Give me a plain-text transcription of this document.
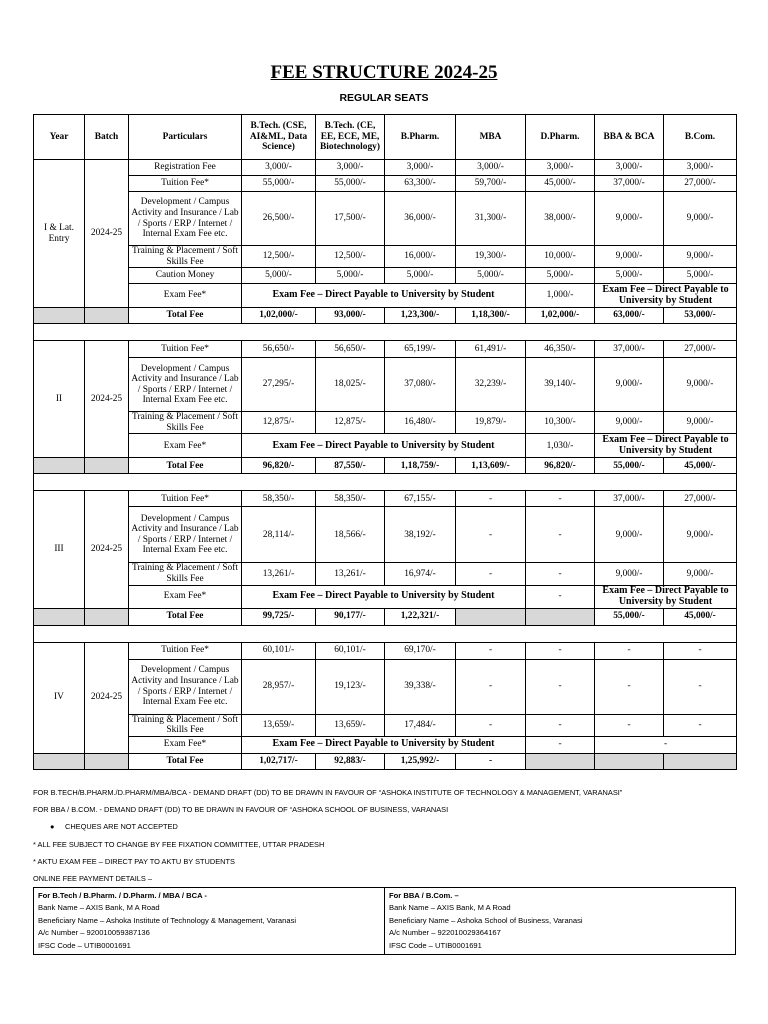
FEE STRUCTURE 2024-25
REGULAR SEATS
Year	Batch	Particulars	B.Tech. (CSE, AI&ML, Data Science)	B.Tech. (CE, EE, ECE, ME, Biotechnology)	B.Pharm.	MBA	D.Pharm.	BBA & BCA	B.Com.
I & Lat. Entry	2024-25	Registration Fee	3,000/-	3,000/-	3,000/-	3,000/-	3,000/-	3,000/-	3,000/-
		Tuition Fee*	55,000/-	55,000/-	63,300/-	59,700/-	45,000/-	37,000/-	27,000/-
		Development / Campus Activity and Insurance / Lab / Sports / ERP / Internet / Internal Exam Fee etc.	26,500/-	17,500/-	36,000/-	31,300/-	38,000/-	9,000/-	9,000/-
		Training & Placement / Soft Skills Fee	12,500/-	12,500/-	16,000/-	19,300/-	10,000/-	9,000/-	9,000/-
		Caution Money	5,000/-	5,000/-	5,000/-	5,000/-	5,000/-	5,000/-	5,000/-
		Exam Fee*	Exam Fee – Direct Payable to University by Student				1,000/-	Exam Fee – Direct Payable to University by Student	
		Total Fee	1,02,000/-	93,000/-	1,23,300/-	1,18,300/-	1,02,000/-	63,000/-	53,000/-

II	2024-25	Tuition Fee*	56,650/-	56,650/-	65,199/-	61,491/-	46,350/-	37,000/-	27,000/-
		Development / Campus Activity and Insurance / Lab / Sports / ERP / Internet / Internal Exam Fee etc.	27,295/-	18,025/-	37,080/-	32,239/-	39,140/-	9,000/-	9,000/-
		Training & Placement / Soft Skills Fee	12,875/-	12,875/-	16,480/-	19,879/-	10,300/-	9,000/-	9,000/-
		Exam Fee*	Exam Fee – Direct Payable to University by Student				1,030/-	Exam Fee – Direct Payable to University by Student	
		Total Fee	96,820/-	87,550/-	1,18,759/-	1,13,609/-	96,820/-	55,000/-	45,000/-

III	2024-25	Tuition Fee*	58,350/-	58,350/-	67,155/-	-	-	37,000/-	27,000/-
		Development / Campus Activity and Insurance / Lab / Sports / ERP / Internet / Internal Exam Fee etc.	28,114/-	18,566/-	38,192/-	-	-	9,000/-	9,000/-
		Training & Placement / Soft Skills Fee	13,261/-	13,261/-	16,974/-	-	-	9,000/-	9,000/-
		Exam Fee*	Exam Fee – Direct Payable to University by Student				-	Exam Fee – Direct Payable to University by Student	
		Total Fee	99,725/-	90,177/-	1,22,321/-			55,000/-	45,000/-

IV	2024-25	Tuition Fee*	60,101/-	60,101/-	69,170/-	-	-	-	-
		Development / Campus Activity and Insurance / Lab / Sports / ERP / Internet / Internal Exam Fee etc.	28,957/-	19,123/-	39,338/-	-	-	-	-
		Training & Placement / Soft Skills Fee	13,659/-	13,659/-	17,484/-	-	-	-	-
		Exam Fee*	Exam Fee – Direct Payable to University by Student				-	-	
		Total Fee	1,02,717/-	92,883/-	1,25,992/-	-			
FOR B.TECH/B.PHARM./D.PHARM/MBA/BCA - DEMAND DRAFT (DD) TO BE DRAWN IN FAVOUR OF “ASHOKA INSTITUTE OF TECHNOLOGY & MANAGEMENT, VARANASI”
FOR BBA / B.COM. - DEMAND DRAFT (DD) TO BE DRAWN IN FAVOUR OF “ASHOKA SCHOOL OF BUSINESS, VARANASI
● CHEQUES ARE NOT ACCEPTED
* ALL FEE SUBJECT TO CHANGE BY FEE FIXATION COMMITTEE, UTTAR PRADESH
* AKTU EXAM FEE – DIRECT PAY TO AKTU BY STUDENTS
ONLINE FEE PAYMENT DETAILS –
For B.Tech / B.Pharm. / D.Pharm. / MBA / BCA -
Bank Name – AXIS Bank, M A Road
Beneficiary Name – Ashoka Institute of Technology & Management, Varanasi
A/c Number – 920010059387136
IFSC Code – UTIB0001691

For BBA / B.Com. –
Bank Name – AXIS Bank, M A Road
Beneficiary Name – Ashoka School of Business, Varanasi
A/c Number – 922010029364167
IFSC Code – UTIB0001691
